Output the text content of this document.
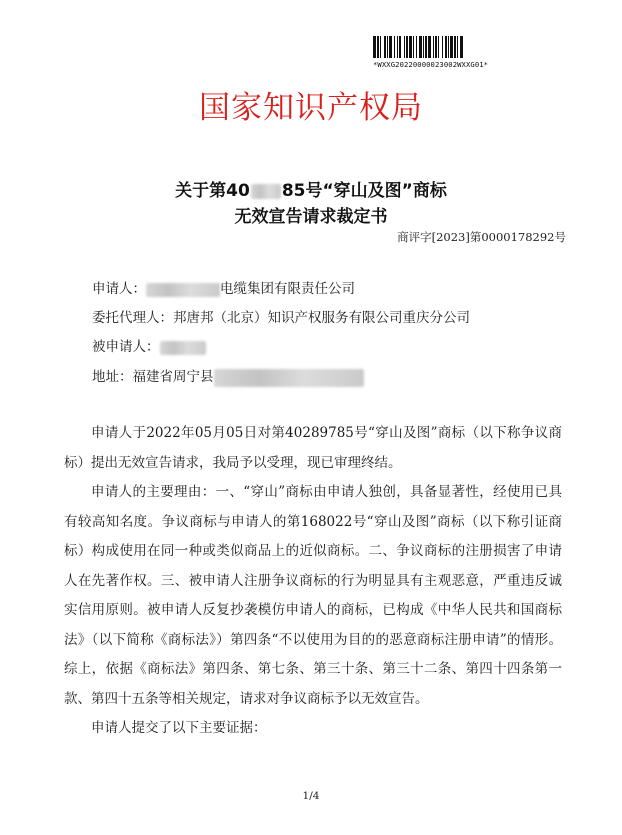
*WXXG20220000023002WXXG01*
国家知识产权局
关于第40 85号“穿山及图”商标
无效宣告请求裁定书
商评字[2023]第0000178292号
申请人：	电缆集团有限责任公司
委托代理人：邦唐邦（北京）知识产权服务有限公司重庆分公司
被申请人：
地址：福建省周宁县

申请人于2022年05月05日对第40289785号“穿山及图”商标（以下称争议商标）提出无效宣告请求，我局予以受理，现已审理终结。

申请人的主要理由：一、“穿山”商标由申请人独创，具备显著性，经使用已具有较高知名度。争议商标与申请人的第168022号“穿山及图”商标（以下称引证商标）构成使用在同一种或类似商品上的近似商标。二、争议商标的注册损害了申请人在先著作权。三、被申请人注册争议商标的行为明显具有主观恶意，严重违反诚实信用原则。被申请人反复抄袭模仿申请人的商标，已构成《中华人民共和国商标法》（以下简称《商标法》）第四条“不以使用为目的的恶意商标注册申请”的情形。综上，依据《商标法》第四条、第七条、第三十条、第三十二条、第四十四条第一款、第四十五条等相关规定，请求对争议商标予以无效宣告。

申请人提交了以下主要证据：

1/4
